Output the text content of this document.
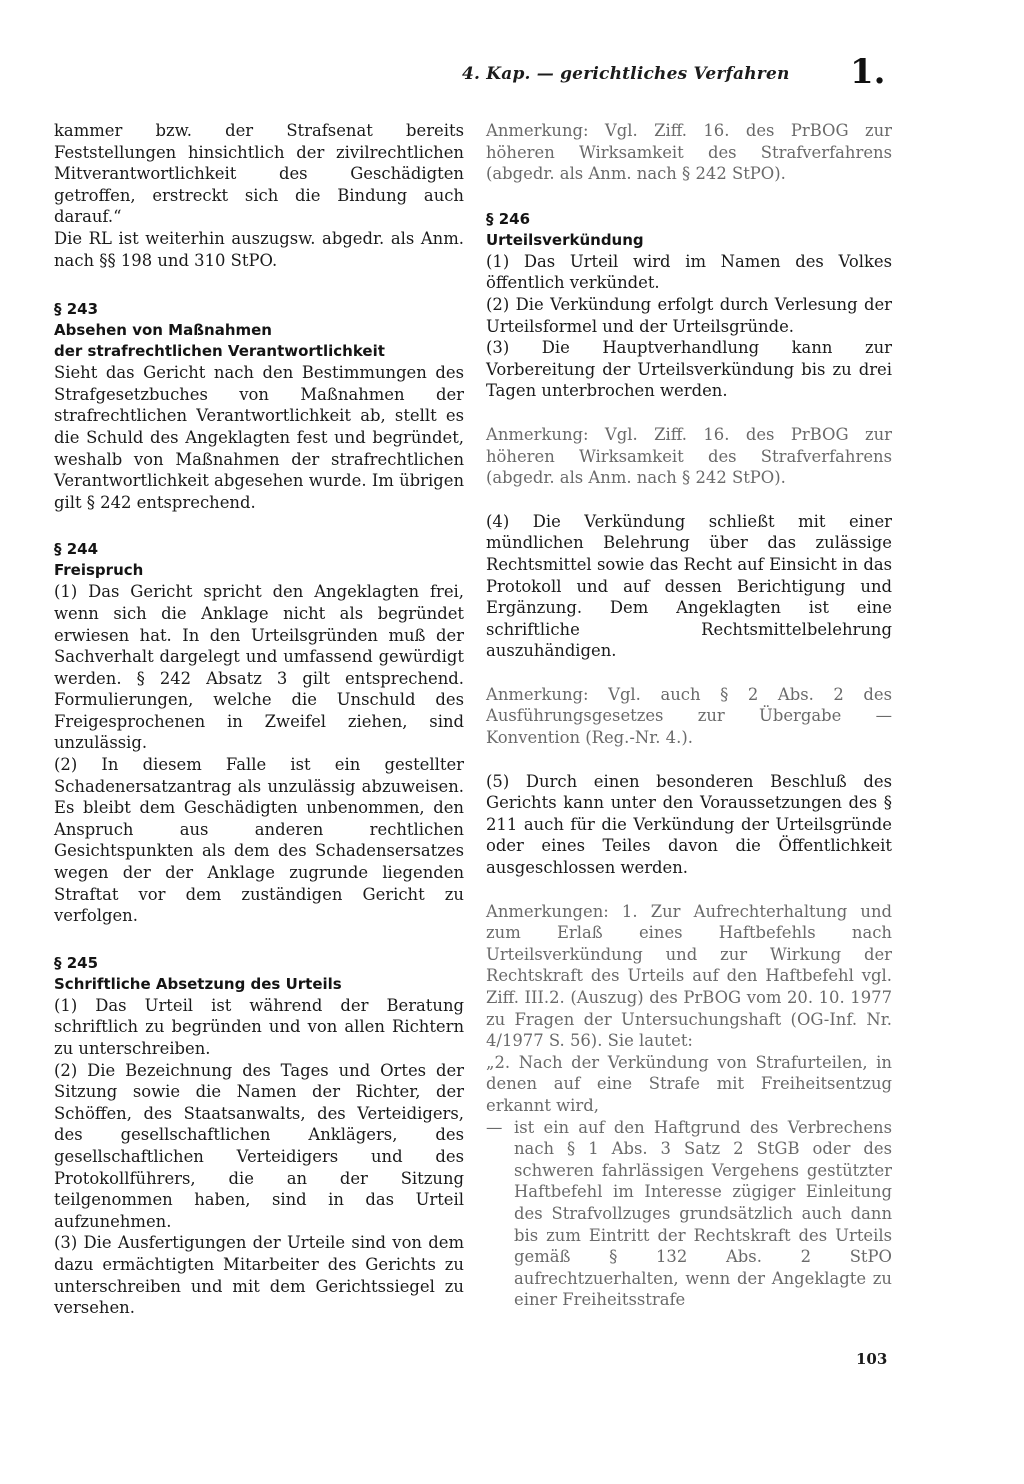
4. Kap. — gerichtliches Verfahren 1.

kammer bzw. der Strafsenat bereits Feststellungen hinsichtlich der zivilrechtlichen Mitverantwortlichkeit des Geschädigten getroffen, erstreckt sich die Bindung auch darauf.“

Die RL ist weiterhin auszugsw. abgedr. als Anm. nach §§ 198 und 310 StPO.

§ 243

Absehen von Maßnahmen

der strafrechtlichen Verantwortlichkeit

Sieht das Gericht nach den Bestimmungen des Strafgesetzbuches von Maßnahmen der strafrechtlichen Verantwortlichkeit ab, stellt es die Schuld des Angeklagten fest und begründet, weshalb von Maßnahmen der strafrechtlichen Verantwortlichkeit abgesehen wurde. Im übrigen gilt § 242 entsprechend.

§ 244

Freispruch

(1) Das Gericht spricht den Angeklagten frei, wenn sich die Anklage nicht als begründet erwiesen hat. In den Urteilsgründen muß der Sachverhalt dargelegt und umfassend gewürdigt werden. § 242 Absatz 3 gilt entsprechend. Formulierungen, welche die Unschuld des Freigesprochenen in Zweifel ziehen, sind unzulässig.

(2) In diesem Falle ist ein gestellter Schadenersatzantrag als unzulässig abzuweisen. Es bleibt dem Geschädigten unbenommen, den Anspruch aus anderen rechtlichen Gesichtspunkten als dem des Schadensersatzes wegen der der Anklage zugrunde liegenden Straftat vor dem zuständigen Gericht zu verfolgen.

§ 245

Schriftliche Absetzung des Urteils

(1) Das Urteil ist während der Beratung schriftlich zu begründen und von allen Richtern zu unterschreiben.

(2) Die Bezeichnung des Tages und Ortes der Sitzung sowie die Namen der Richter, der Schöffen, des Staatsanwalts, des Verteidigers, des gesellschaftlichen Anklägers, des gesellschaftlichen Verteidigers und des Protokollführers, die an der Sitzung teilgenommen haben, sind in das Urteil aufzunehmen.

(3) Die Ausfertigungen der Urteile sind von dem dazu ermächtigten Mitarbeiter des Gerichts zu unterschreiben und mit dem Gerichtssiegel zu versehen.

Anmerkung: Vgl. Ziff. 16. des PrBOG zur höheren Wirksamkeit des Strafverfahrens (abgedr. als Anm. nach § 242 StPO).

§ 246

Urteilsverkündung

(1) Das Urteil wird im Namen des Volkes öffentlich verkündet.

(2) Die Verkündung erfolgt durch Verlesung der Urteilsformel und der Urteilsgründe.

(3) Die Hauptverhandlung kann zur Vorbereitung der Urteilsverkündung bis zu drei Tagen unterbrochen werden.

Anmerkung: Vgl. Ziff. 16. des PrBOG zur höheren Wirksamkeit des Strafverfahrens (abgedr. als Anm. nach § 242 StPO).

(4) Die Verkündung schließt mit einer mündlichen Belehrung über das zulässige Rechtsmittel sowie das Recht auf Einsicht in das Protokoll und auf dessen Berichtigung und Ergänzung. Dem Angeklagten ist eine schriftliche Rechtsmittelbelehrung auszuhändigen.

Anmerkung: Vgl. auch § 2 Abs. 2 des Ausführungsgesetzes zur Übergabe — Konvention (Reg.-Nr. 4.).

(5) Durch einen besonderen Beschluß des Gerichts kann unter den Voraussetzungen des § 211 auch für die Verkündung der Urteilsgründe oder eines Teiles davon die Öffentlichkeit ausgeschlossen werden.

Anmerkungen: 1. Zur Aufrechterhaltung und zum Erlaß eines Haftbefehls nach Urteilsverkündung und zur Wirkung der Rechtskraft des Urteils auf den Haftbefehl vgl. Ziff. III.2. (Auszug) des PrBOG vom 20. 10. 1977 zu Fragen der Untersuchungshaft (OG-Inf. Nr. 4/1977 S. 56). Sie lautet:

„2. Nach der Verkündung von Strafurteilen, in denen auf eine Strafe mit Freiheitsentzug erkannt wird,

— ist ein auf den Haftgrund des Verbrechens nach § 1 Abs. 3 Satz 2 StGB oder des schweren fahrlässigen Vergehens gestützter Haftbefehl im Interesse zügiger Einleitung des Strafvollzuges grundsätzlich auch dann bis zum Eintritt der Rechtskraft des Urteils gemäß § 132 Abs. 2 StPO aufrechtzuerhalten, wenn der Angeklagte zu einer Freiheitsstrafe

103
